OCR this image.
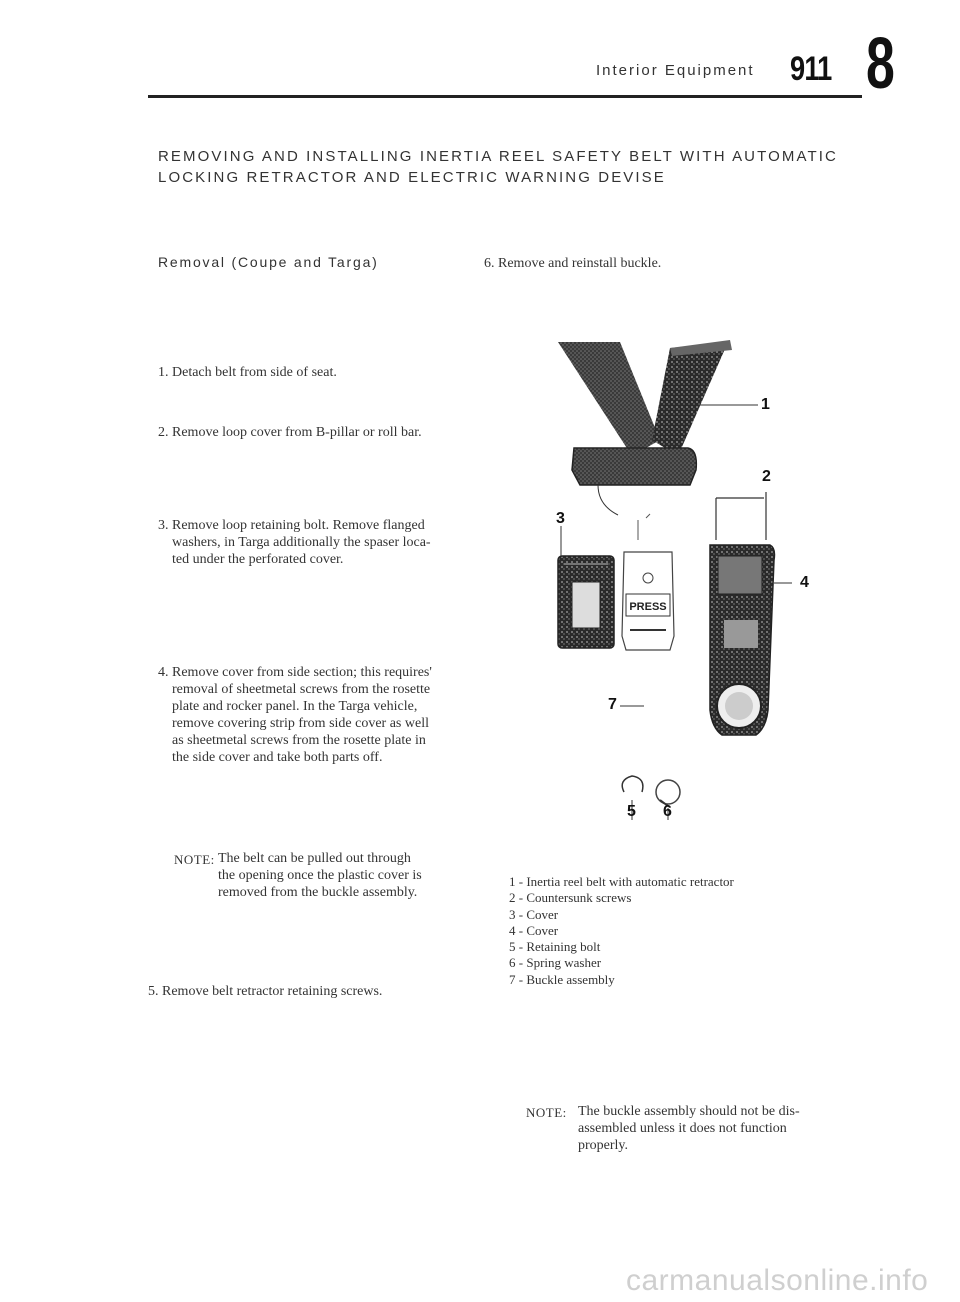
Interior Equipment 911 8
REMOVING AND INSTALLING INERTIA REEL SAFETY BELT WITH AUTOMATIC
LOCKING RETRACTOR AND ELECTRIC WARNING DEVISE
Removal (Coupe and Targa)
1. Detach belt from side of seat.
2. Remove loop cover from B-pillar or roll bar.
3. Remove loop retaining bolt. Remove flanged
washers, in Targa additionally the spaser loca-
ted under the perforated cover.
4. Remove cover from side section; this requires'
removal of sheetmetal screws from the rosette
plate and rocker panel. In the Targa vehicle,
remove covering strip from side cover as well
as sheetmetal screws from the rosette plate in
the side cover and take both parts off.
NOTE: The belt can be pulled out through
the opening once the plastic cover is
removed from the buckle assembly.
5. Remove belt retractor retaining screws.
6. Remove and reinstall buckle.
PRESS
1
2
3
4
5 6
7
1 - Inertia reel belt with automatic retractor
2 - Countersunk screws
3 - Cover
4 - Cover
5 - Retaining bolt
6 - Spring washer
7 - Buckle assembly
NOTE: The buckle assembly should not be dis-
assembled unless it does not function
properly.
carmanualsonline.info
